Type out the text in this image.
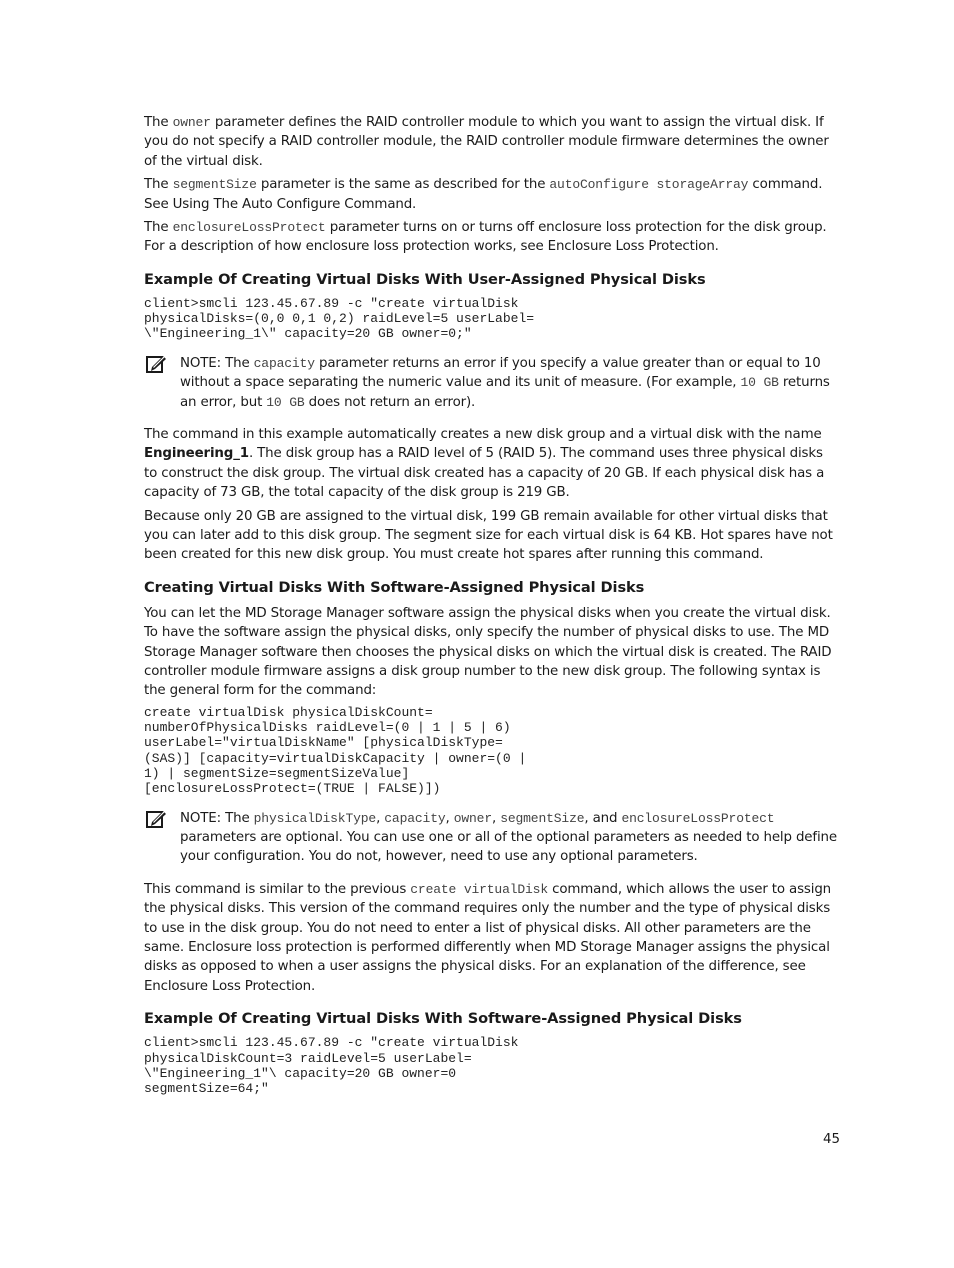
The owner parameter defines the RAID controller module to which you want to assign the virtual disk. If you do not specify a RAID controller module, the RAID controller module firmware determines the owner of the virtual disk.

The segmentSize parameter is the same as described for the autoConfigure storageArray command. See Using The Auto Configure Command.

The enclosureLossProtect parameter turns on or turns off enclosure loss protection for the disk group. For a description of how enclosure loss protection works, see Enclosure Loss Protection.

Example Of Creating Virtual Disks With User-Assigned Physical Disks
client>smcli 123.45.67.89 -c "create virtualDisk
physicalDisks=(0,0 0,1 0,2) raidLevel=5 userLabel=
\"Engineering_1\" capacity=20 GB owner=0;"

NOTE: The capacity parameter returns an error if you specify a value greater than or equal to 10 without a space separating the numeric value and its unit of measure. (For example, 10 GB returns an error, but 10 GB does not return an error).

The command in this example automatically creates a new disk group and a virtual disk with the name Engineering_1. The disk group has a RAID level of 5 (RAID 5). The command uses three physical disks to construct the disk group. The virtual disk created has a capacity of 20 GB. If each physical disk has a capacity of 73 GB, the total capacity of the disk group is 219 GB.

Because only 20 GB are assigned to the virtual disk, 199 GB remain available for other virtual disks that you can later add to this disk group. The segment size for each virtual disk is 64 KB. Hot spares have not been created for this new disk group. You must create hot spares after running this command.

Creating Virtual Disks With Software-Assigned Physical Disks

You can let the MD Storage Manager software assign the physical disks when you create the virtual disk. To have the software assign the physical disks, only specify the number of physical disks to use. The MD Storage Manager software then chooses the physical disks on which the virtual disk is created. The RAID controller module firmware assigns a disk group number to the new disk group. The following syntax is the general form for the command:

create virtualDisk physicalDiskCount=
numberOfPhysicalDisks raidLevel=(0 | 1 | 5 | 6)
userLabel="virtualDiskName" [physicalDiskType=
(SAS)] [capacity=virtualDiskCapacity | owner=(0 |
1) | segmentSize=segmentSizeValue]
[enclosureLossProtect=(TRUE | FALSE)])

NOTE: The physicalDiskType, capacity, owner, segmentSize, and enclosureLossProtect parameters are optional. You can use one or all of the optional parameters as needed to help define your configuration. You do not, however, need to use any optional parameters.

This command is similar to the previous create virtualDisk command, which allows the user to assign the physical disks. This version of the command requires only the number and the type of physical disks to use in the disk group. You do not need to enter a list of physical disks. All other parameters are the same. Enclosure loss protection is performed differently when MD Storage Manager assigns the physical disks as opposed to when a user assigns the physical disks. For an explanation of the difference, see Enclosure Loss Protection.

Example Of Creating Virtual Disks With Software-Assigned Physical Disks
client>smcli 123.45.67.89 -c "create virtualDisk
physicalDiskCount=3 raidLevel=5 userLabel=
\"Engineering_1"\ capacity=20 GB owner=0
segmentSize=64;"
45
